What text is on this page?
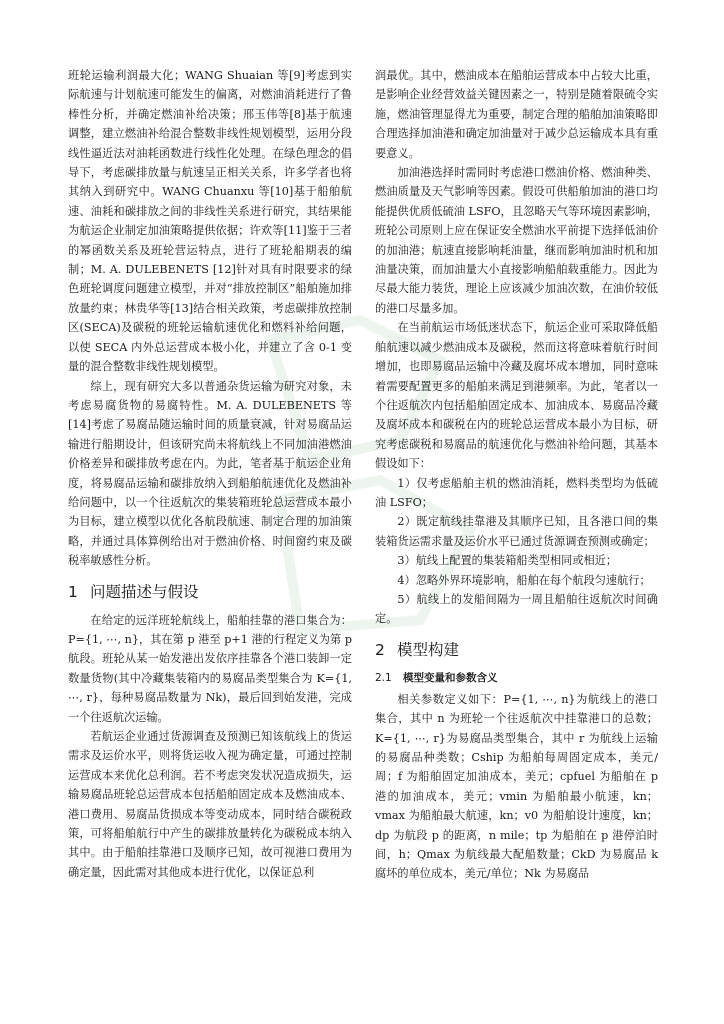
班轮运输利润最大化；WANG Shuaian 等[9]考虑到实际航速与计划航速可能发生的偏离，对燃油消耗进行了鲁棒性分析，并确定燃油补给决策；邢玉伟等[8]基于航速调整，建立燃油补给混合整数非线性规划模型，运用分段线性逼近法对油耗函数进行线性化处理。在绿色理念的倡导下，考虑碳排放量与航速呈正相关关系，许多学者也将其纳入到研究中。WANG Chuanxu 等[10]基于船舶航速、油耗和碳排放之间的非线性关系进行研究，其结果能为航运企业制定加油策略提供依据；许欢等[11]鉴于三者的幂函数关系及班轮营运特点，进行了班轮船期表的编制；M. A. DULEBENETS [12]针对具有时限要求的绿色班轮调度问题建立模型，并对“排放控制区”船舶施加排放量约束；林贵华等[13]结合相关政策，考虑碳排放控制区(SECA)及碳税的班轮运输航速优化和燃料补给问题，以使 SECA 内外总运营成本极小化，并建立了含 0-1 变量的混合整数非线性规划模型。

综上，现有研究大多以普通杂货运输为研究对象，未考虑易腐货物的易腐特性。M. A. DULEBENETS 等[14]考虑了易腐品随运输时间的质量衰减，针对易腐品运输进行船期设计，但该研究尚未将航线上不同加油港燃油价格差异和碳排放考虑在内。为此，笔者基于航运企业角度，将易腐品运输和碳排放纳入到船舶航速优化及燃油补给问题中，以一个往返航次的集装箱班轮总运营成本最小为目标，建立模型以优化各航段航速、制定合理的加油策略，并通过具体算例给出对于燃油价格、时间窗约束及碳税率敏感性分析。

1 问题描述与假设

在给定的远洋班轮航线上，船舶挂靠的港口集合为：P={1, ⋯, n}，其在第 p 港至 p+1 港的行程定义为第 p 航段。班轮从某一始发港出发依序挂靠各个港口装卸一定数量货物(其中冷藏集装箱内的易腐品类型集合为 K={1, ⋯, r}，每种易腐品数量为 Nk)，最后回到始发港，完成一个往返航次运输。

若航运企业通过货源调查及预测已知该航线上的货运需求及运价水平，则将货运收入视为确定量，可通过控制运营成本来优化总利润。若不考虑突发状况造成损失，运输易腐品班轮总运营成本包括船舶固定成本及燃油成本、港口费用、易腐品货损成本等变动成本，同时结合碳税政策，可将船舶航行中产生的碳排放量转化为碳税成本纳入其中。由于船舶挂靠港口及顺序已知，故可视港口费用为确定量，因此需对其他成本进行优化，以保证总利

润最优。其中，燃油成本在船舶运营成本中占较大比重，是影响企业经营效益关键因素之一，特别是随着限硫令实施，燃油管理显得尤为重要，制定合理的船舶加油策略即合理选择加油港和确定加油量对于减少总运输成本具有重要意义。

加油港选择时需同时考虑港口燃油价格、燃油种类、燃油质量及天气影响等因素。假设可供船舶加油的港口均能提供优质低硫油 LSFO，且忽略天气等环境因素影响，班轮公司原则上应在保证安全燃油水平前提下选择低油价的加油港；航速直接影响耗油量，继而影响加油时机和加油量决策，而加油量大小直接影响船舶载重能力。因此为尽最大能力装货，理论上应该减少加油次数，在油价较低的港口尽量多加。

在当前航运市场低迷状态下，航运企业可采取降低船舶航速以减少燃油成本及碳税，然而这将意味着航行时间增加，也即易腐品运输中冷藏及腐坏成本增加，同时意味着需要配置更多的船舶来满足到港频率。为此，笔者以一个往返航次内包括船舶固定成本、加油成本、易腐品冷藏及腐坏成本和碳税在内的班轮总运营成本最小为目标，研究考虑碳税和易腐品的航速优化与燃油补给问题，其基本假设如下：

1）仅考虑船舶主机的燃油消耗，燃料类型均为低硫油 LSFO；

2）既定航线挂靠港及其顺序已知，且各港口间的集装箱货运需求量及运价水平已通过货源调查预测或确定；

3）航线上配置的集装箱船类型相同或相近；

4）忽略外界环境影响，船舶在每个航段匀速航行；

5）航线上的发船间隔为一周且船舶往返航次时间确定。

2 模型构建
2.1 模型变量和参数含义

相关参数定义如下：P={1, ⋯, n}为航线上的港口集合，其中 n 为班轮一个往返航次中挂靠港口的总数；K={1, ⋯, r}为易腐品类型集合，其中 r 为航线上运输的易腐品种类数；Cship 为船舶每周固定成本，美元/周；f 为船舶固定加油成本，美元；cpfuel 为船舶在 p 港的加油成本，美元；vmin 为船舶最小航速，kn；vmax 为船舶最大航速，kn；v0 为船舶设计速度，kn；dp 为航段 p 的距离，n mile；tp 为船舶在 p 港停泊时间，h；Qmax 为航线最大配船数量；CkD 为易腐品 k 腐坏的单位成本，美元/单位；Nk 为易腐品
